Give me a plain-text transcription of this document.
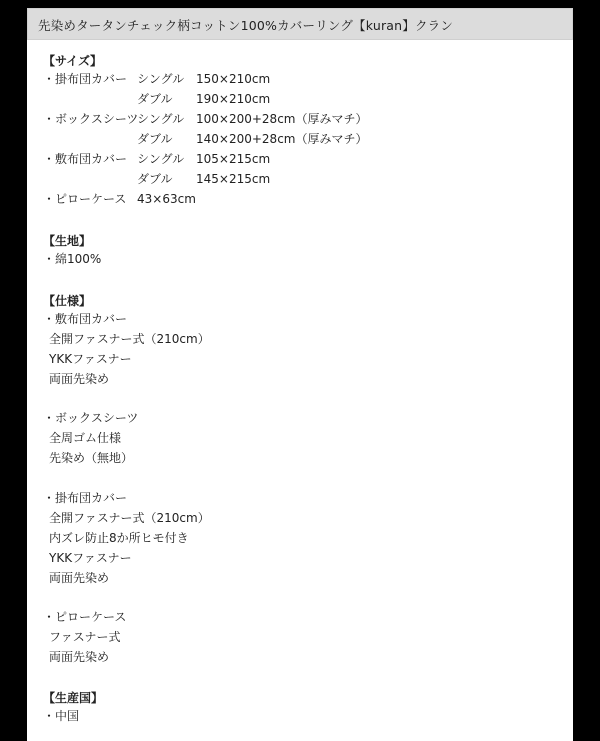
先染めタータンチェック柄コットン100%カバーリング【kuran】クラン
【サイズ】
・掛布団カバー シングル 150×210cm
ダブル 190×210cm
・ボックスシーツ
シングル 100×200+28cm（厚みマチ）
ダブル 140×200+28cm（厚みマチ）
・敷布団カバー シングル 105×215cm
ダブル 145×215cm
・ピローケース 43×63cm
【生地】
・綿100%
【仕様】
・敷布団カバー
全開ファスナー式（210cm）
YKKファスナー
両面先染め
・ボックスシーツ
全周ゴム仕様
先染め（無地）
・掛布団カバー
全開ファスナー式（210cm）
内ズレ防止8か所ヒモ付き
YKKファスナー
両面先染め
・ピローケース
ファスナー式
両面先染め
【生産国】
・中国
